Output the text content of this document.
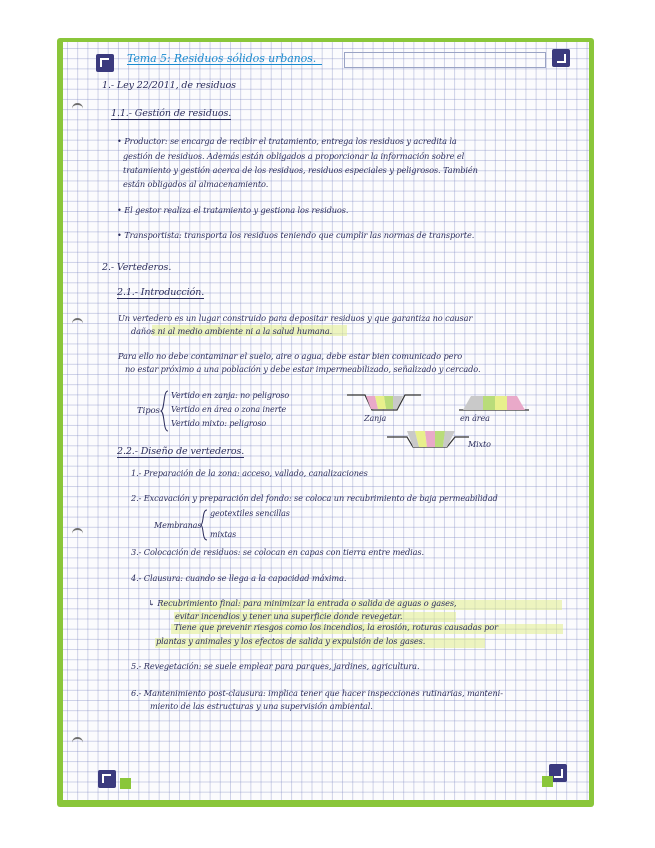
Tema 5: Residuos sólidos urbanos.
1.- Ley 22/2011, de residuos
1.1.- Gestión de residuos.
• Productor: se encarga de recibir el tratamiento, entrega los residuos y acredita la
gestión de residuos. Además están obligados a proporcionar la información sobre el
tratamiento y gestión acerca de los residuos, residuos especiales y peligrosos. También
están obligados al almacenamiento.
• El gestor realiza el tratamiento y gestiona los residuos.
• Transportista: transporta los residuos teniendo que cumplir las normas de transporte.
2.- Vertederos.
2.1.- Introducción.
Un vertedero es un lugar construido para depositar residuos y que garantiza no causar
daños ni al medio ambiente ni a la salud humana.
Para ello no debe contaminar el suelo, aire o agua, debe estar bien comunicado pero
no estar próximo a una población y debe estar impermeabilizado, señalizado y cercado.
Tipos
Vertido en zanja: no peligroso
Vertido en área o zona inerte
Vertido mixto: peligroso
Zanja	en área
Mixto
2.2.- Diseño de vertederos.
1.- Preparación de la zona: acceso, vallado, canalizaciones
2.- Excavación y preparación del fondo: se coloca un recubrimiento de baja permeabilidad
Membranas
geotextiles sencillas
mixtas
3.- Colocación de residuos: se colocan en capas con tierra entre medias.
4.- Clausura: cuando se llega a la capacidad máxima.
↳ Recubrimiento final: para minimizar la entrada o salida de aguas o gases,
evitar incendios y tener una superficie donde revegetar.
Tiene que prevenir riesgos como los incendios, la erosión, roturas causadas por
plantas y animales y los efectos de salida y expulsión de los gases.
5.- Revegetación: se suele emplear para parques, jardines, agricultura.
6.- Mantenimiento post-clausura: implica tener que hacer inspecciones rutinarias, manteni-
miento de las estructuras y una supervisión ambiental.
